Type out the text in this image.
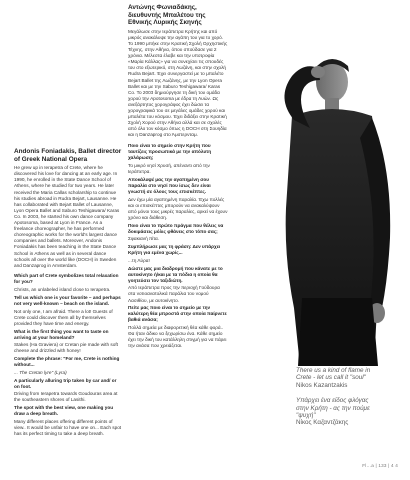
Andonis Foniadakis, Ballet director of Greek National Opera

He grew up in Ierapetra of Crete, where he discovered his love for dancing at an early age. In 1990, he enrolled in the State Dance School of Athens, where he studied for two years. He later received the Maria Callas scholarship to continue his studies abroad in Rudra Bejart, Lausanne. He has collaborated with Bejart Ballet of Lausanne, Lyon Opera Ballet and Saburo Teshigawara/ Karas Co. In 2003, he started his own dance company Apotosoma, based at Lyon in France. As a freelance choreographer, he has performed choreographic works for the world's largest dance companies and ballets. Moreover, Andonis Foniadakis has been teaching in the State Dance School in Athens as well as in several dance schools all over the world like (DOCH) in Sweden and Danzaprog in Amsterdam.

Which part of Crete symbolizes total relaxation for you?

Christs, an unlabeled island close to Ierapetra.

Tell us which one is your favorite – and perhaps not very well-known – beach on the island.

Not only one, I am afraid. There a lot! Guests of Crete could discover them all by themselves provided they have time and energy.

What is the first thing you want to taste on arriving at your homeland?

Stakes (Ha Graviera) or Cretan pie made with soft cheese and drizzled with honey!

Complete the phrase: "For me, Crete is nothing without...

... The Cretan lyre" (Lyra)

A particularly alluring trip taken by car and/ or on foot.

Driving from Ierapetra towards Goudouras area at the southeastern shores of Lasithi.

The spot with the best view, one making you draw a deep breath.

Many different places offering different points of view.. It would be unfair to have one on... Each spot has its perfect timing to take a deep breath.

Αντώνης Φωνιαδάκης, διευθυντής Μπαλέτου της Εθνικής Λυρικής Σκηνής

Μεγάλωσε στην Ιεράπετρα Κρήτης και από μικρός ανακάλυψε την αγάπη του για το χορό. Το 1990 μπήκε στην Κρατική Σχολή Ορχηστικής Τέχνης, στην Αθήνα, όπου σπούδασε για 2 χρόνια. Μέλεστα έλαβε και την υποτροφία «Μαρία Κάλλας» για να συνεχίσει τις σπουδές του στο εξωτερικό, στη Λωζάνη, και στην σχολή Rudra Bejart. Έχει συνεργαστεί με το μπαλέτο Bejart Ballet της Λωζάνης, με την Lyon Opera Ballet και με την Saburo Teshigawara/ Karas Co. Το 2003 δημιούργησε τη δική του ομάδα χορού την Apotosoma με έδρα τη Λυών. Ως ανεξάρτητος χορογράφος έχει δώσει τα χορογραφικά του σε μεγάλες ομάδες χορού και μπαλέτα του κόσμου. Έχει διδάξει στην Κρατική Σχολή Χορού στην Αθήνα αλλά και σε σχολές από όλο τον κόσμο όπως η DOCH στη Σουηδία και η Danzaprog στο Άμστερνταμ.

Ποιο είναι το σημείο στην Κρήτη που ταυτίζεις προσωπικά με την απόλυτη χαλάρωση;

Το μικρό νησί Χρυσή, απέναντι από την Ιεράπετρα.

Αποκάλυψέ μας την αγαπημένη σου παραλία στο νησί που ίσως δεν είναι γνωστή σε όλους τους επισκέπτες.

Δεν έχω μία αγαπημένη παραλία. Έχω πολλές και οι επισκέπτες μπορούν να ανακαλύψουν από μόνοι τους μικρές παραλίες, αρκεί να έχουν χρόνο και διάθεση.

Ποιο είναι το πρώτο πράγμα που θέλεις να δοκιμάσεις μόλις φθάνεις στο τόπο σας;

Σφακιανή πίτα.

Συμπλήρωσε μας τη φράση: Δεν υπάρχει Κρήτη για εμένα χωρίς...

...τη Λύρα!

Δώστε μας μια διαδρομή που κάνατε με το αυτοκίνητο ή/και με τα πόδια η οποία θα γοητεύσει τον ταξιδιώτη.

Από Ιεράπετρα προς την περιοχή Γούδουρα στα νοτιοανατολικά παράλια του νομού Λασιθίου, με αυτοκίνητο.

Πείτε μας ποιο είναι το σημείο με την καλύτερη θέα μπροστά στην οποία παίρνετε βαθιά ανάσα;

Πολλά σημεία με διαφορετική θέα κάθε φορά.. Θα ήταν άδικο να ξεχωρίσω ένα. Κάθε σημείο έχει την δική του κατάλληλη στιγμή για να πάρει την ανάσα που χρειάζεται.

There us a kind of flame in
Crete - let us call it "soul"
Nikos Kazantzakis
Υπάρχει ένα είδος φλόγας
στην Κρήτη - ας την πούμε
"ψυχή"
Νίκος Καζαντζάκης
Fl…a | 133 | 4 4
